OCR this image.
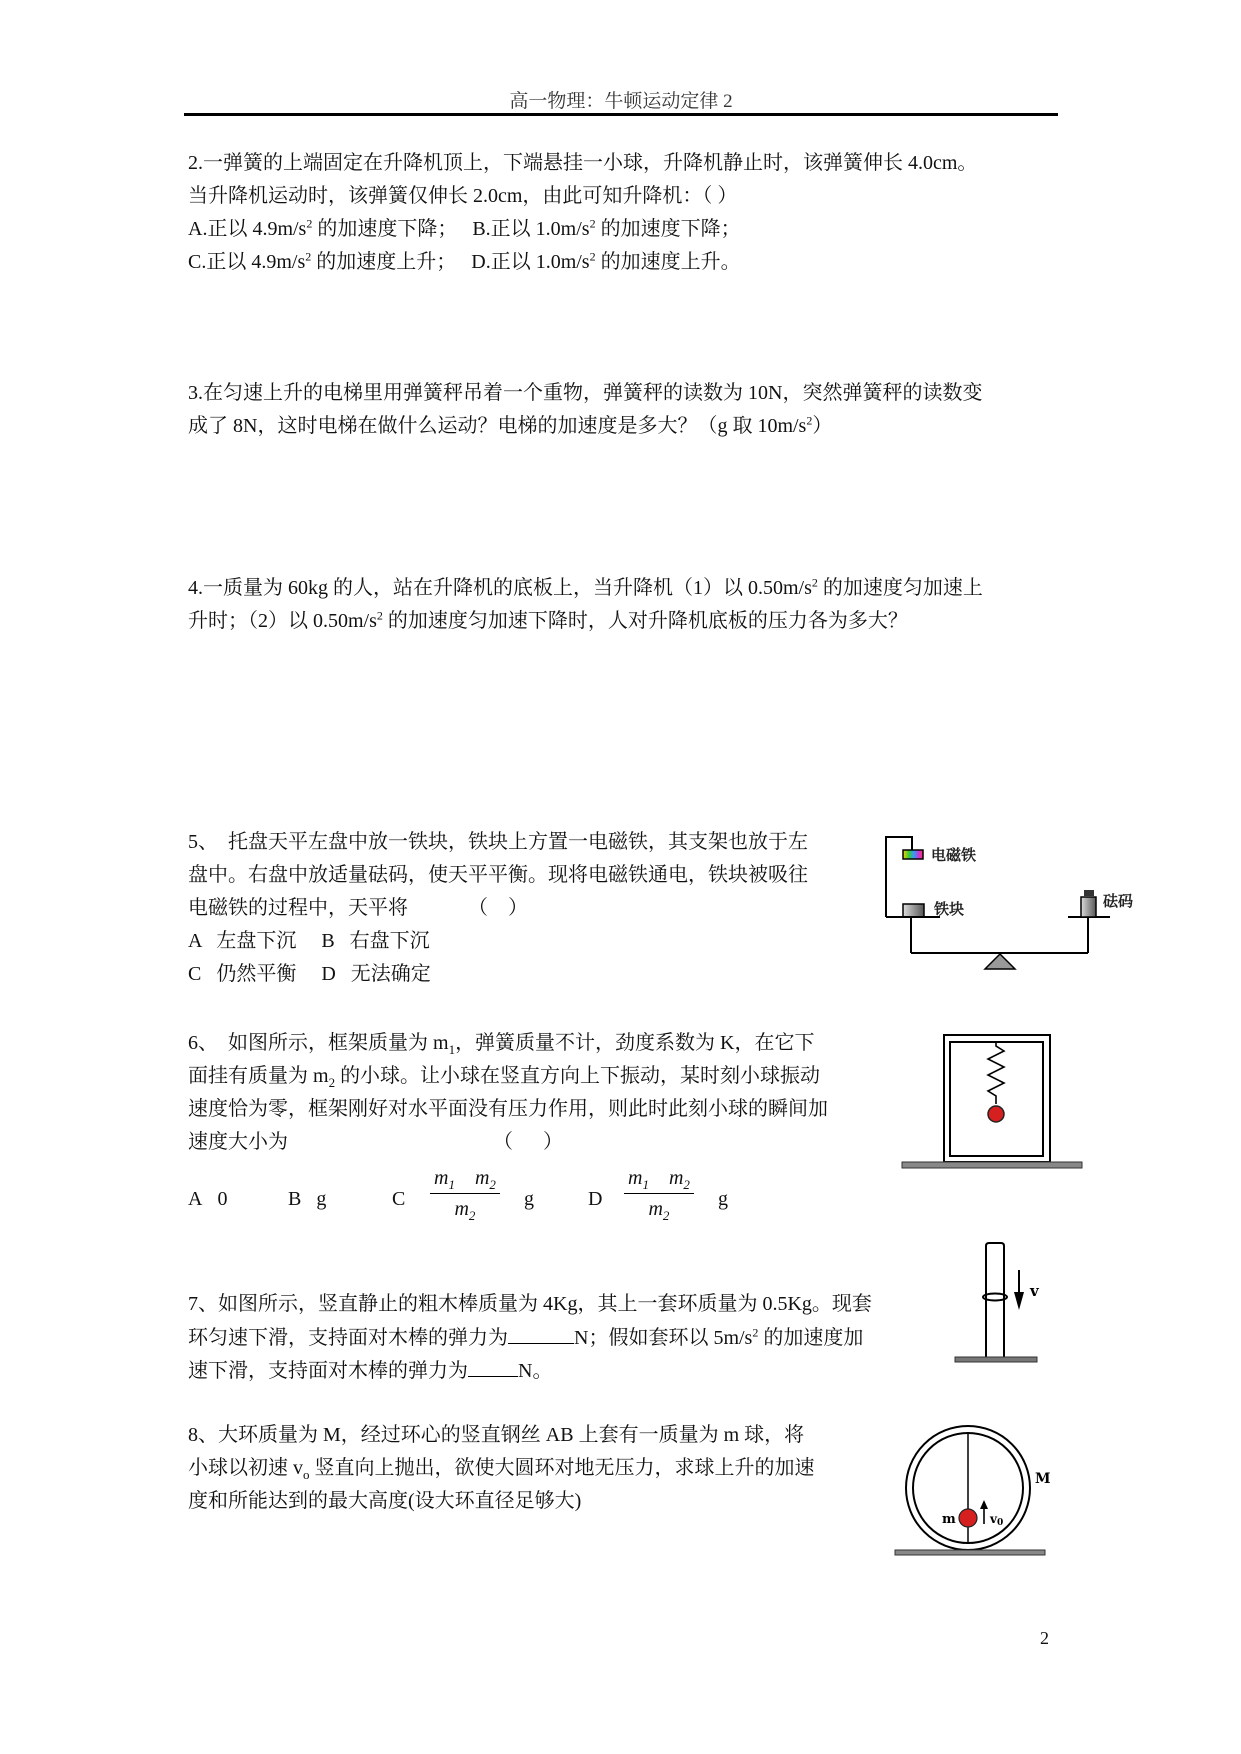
高一物理：牛顿运动定律 2
2.一弹簧的上端固定在升降机顶上，下端悬挂一小球，升降机静止时，该弹簧伸长 4.0cm。
当升降机运动时，该弹簧仅伸长 2.0cm，由此可知升降机：（ ）
A.正以 $4.9m/s^2$ 的加速度下降； B.正以 $1.0m/s^2$ 的加速度下降；
C.正以 $4.9m/s^2$ 的加速度上升； D.正以 $1.0m/s^2$ 的加速度上升。
3.在匀速上升的电梯里用弹簧秤吊着一个重物，弹簧秤的读数为 10N，突然弹簧秤的读数变
成了 8N，这时电梯在做什么运动？电梯的加速度是多大？（g 取 $10m/s^2$）
4.一质量为 60kg 的人，站在升降机的底板上，当升降机（1）以 $0.50m/s^2$ 的加速度匀加速上
升时；（2）以 $0.50m/s^2$ 的加速度匀加速下降时，人对升降机底板的压力各为多大？
5、  托盘天平左盘中放一铁块，铁块上方置一电磁铁，其支架也放于左
盘中。右盘中放适量砝码，使天平平衡。现将电磁铁通电，铁块被吸往
电磁铁的过程中，天平将            （    ）
A   左盘下沉 B   右盘下沉
C   仍然平衡 D   无法确定
电磁铁
铁块	砝码
6、  如图所示，框架质量为 $m_1$，弹簧质量不计，劲度系数为 K，在它下
面挂有质量为 $m_2$ 的小球。让小球在竖直方向上下振动，某时刻小球振动
速度恰为零，框架刚好对水平面没有压力作用，则此时此刻小球的瞬间加
速度大小为                                         （      ）
A 0	B g	C $\frac{m_1 m_2}{m_2}$ g	D $\frac{m_1 m_2}{m_2}$ g
7、如图所示，竖直静止的粗木棒质量为 4Kg，其上一套环质量为 0.5Kg。现套
环匀速下滑，支持面对木棒的弹力为	N；假如套环以 $5m/s^2$ 的加速度加
速下滑，支持面对木棒的弹力为	N。
v
8、大环质量为 M，经过环心的竖直钢丝 AB 上套有一质量为 m 球，将
小球以初速 $v_o$ 竖直向上抛出，欲使大圆环对地无压力，求球上升的加速
度和所能达到的最大高度(设大环直径足够大)
m	v0
M
2
